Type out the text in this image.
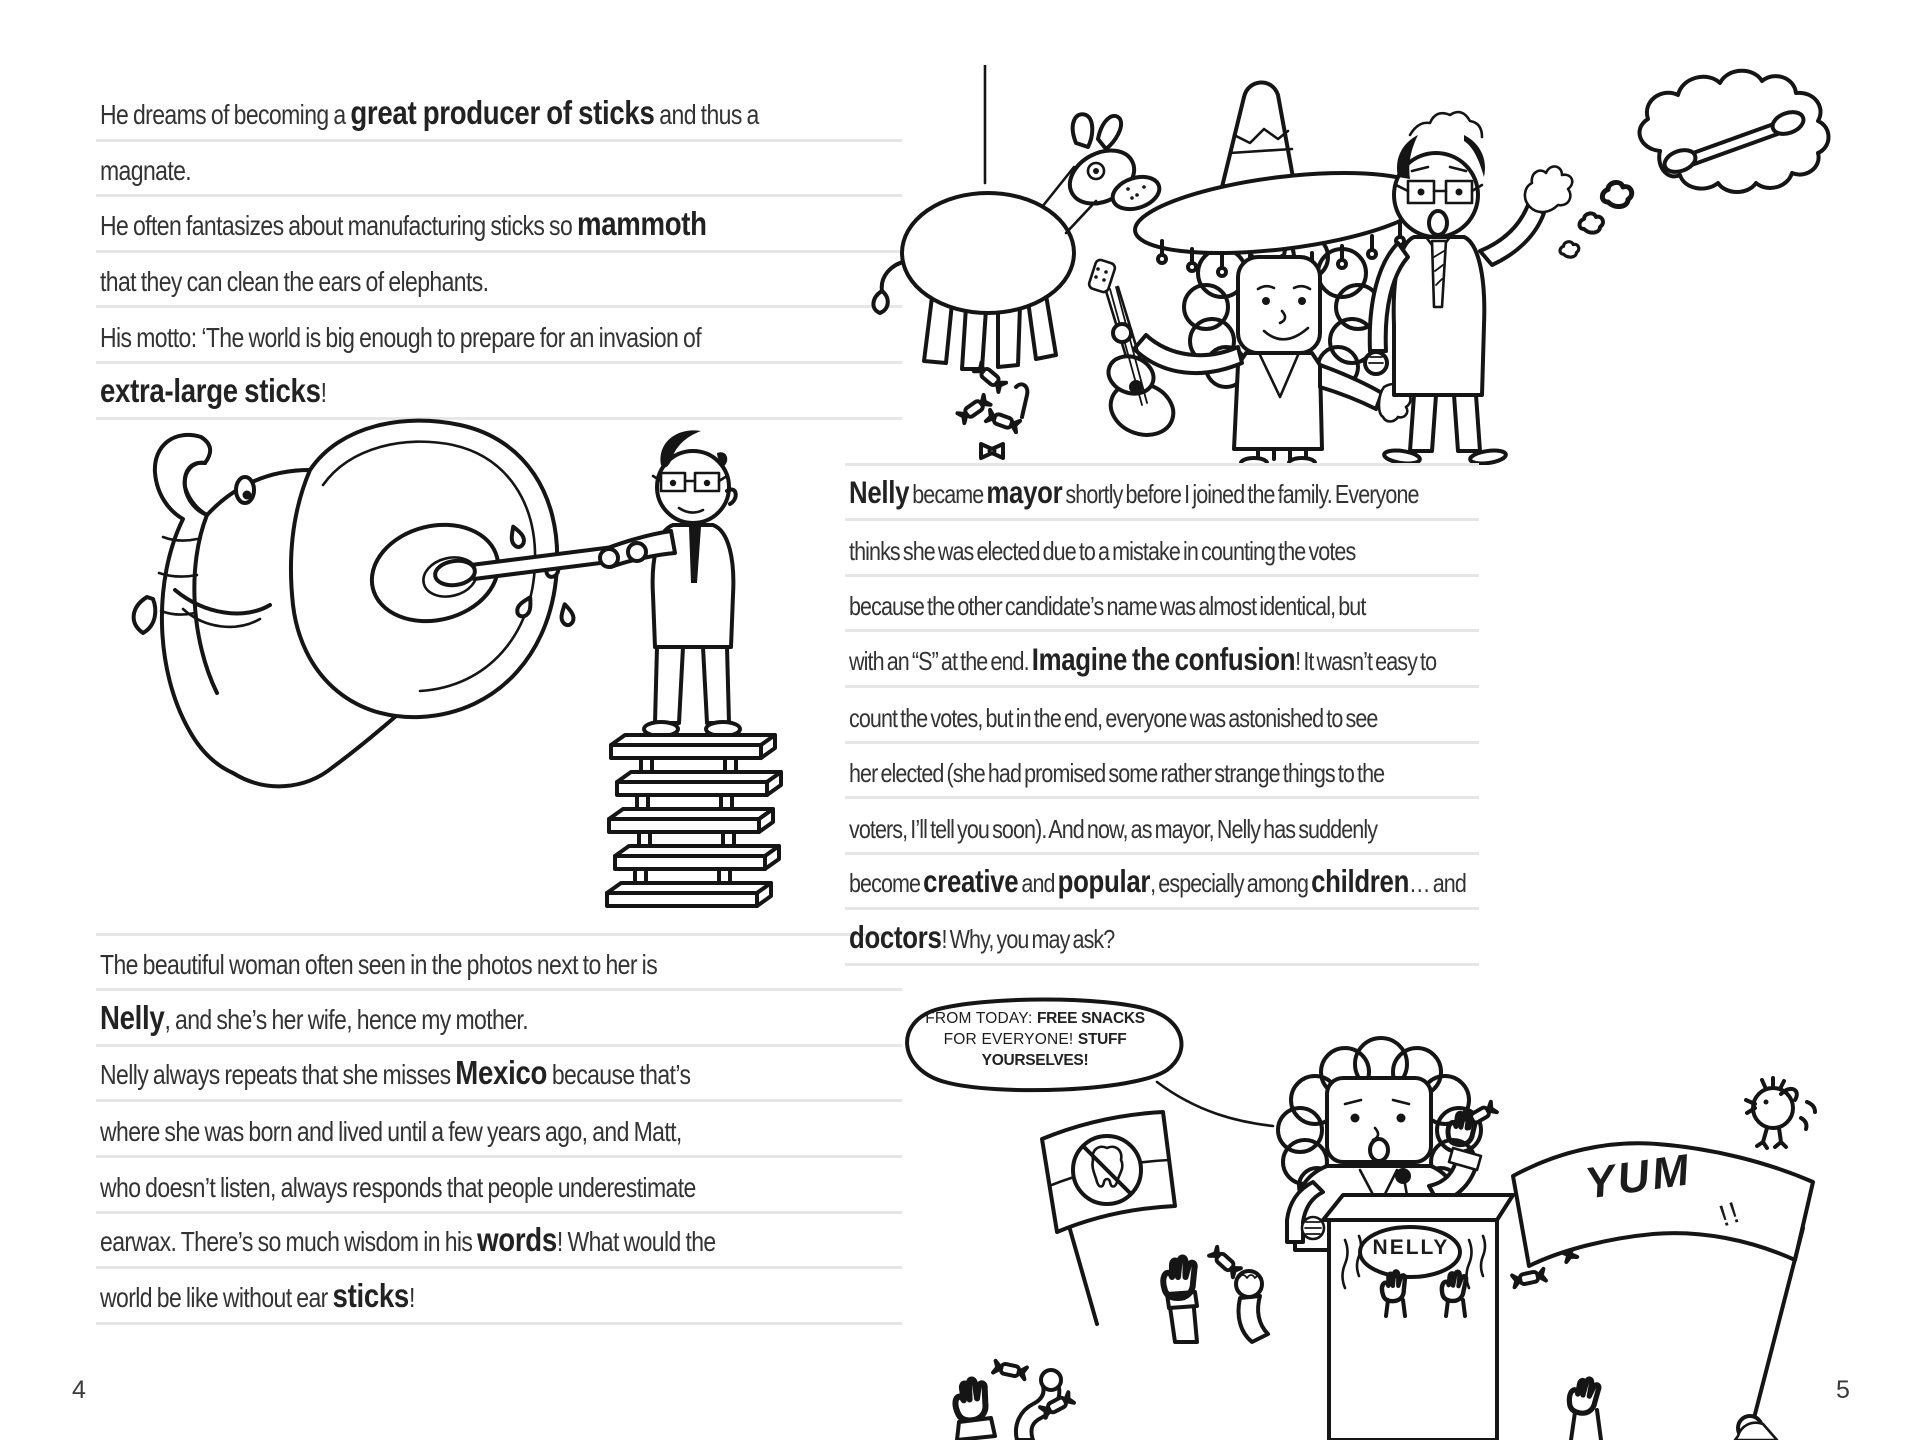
He dreams of becoming a great producer of sticks and thus a
magnate.
He often fantasizes about manufacturing sticks so mammoth
that they can clean the ears of elephants.
His motto: ‘The world is big enough to prepare for an invasion of
extra-large sticks!
The beautiful woman often seen in the photos next to her is
Nelly, and she’s her wife, hence my mother.
Nelly always repeats that she misses Mexico because that’s
where she was born and lived until a few years ago, and Matt,
who doesn’t listen, always responds that people underestimate
earwax. There’s so much wisdom in his words! What would the
world be like without ear sticks!
4
Nelly became mayor shortly before I joined the family. Everyone
thinks she was elected due to a mistake in counting the votes
because the other candidate’s name was almost identical, but
with an “S” at the end. Imagine the confusion! It wasn’t easy to
count the votes, but in the end, everyone was astonished to see
her elected (she had promised some rather strange things to the
voters, I’ll tell you soon). And now, as mayor, Nelly has suddenly
become creative and popular, especially among children… and
doctors! Why, you may ask?
FROM TODAY: FREE SNACKS
FOR EVERYONE! STUFF
YOURSELVES!
NELLY
YUM
!!
5
